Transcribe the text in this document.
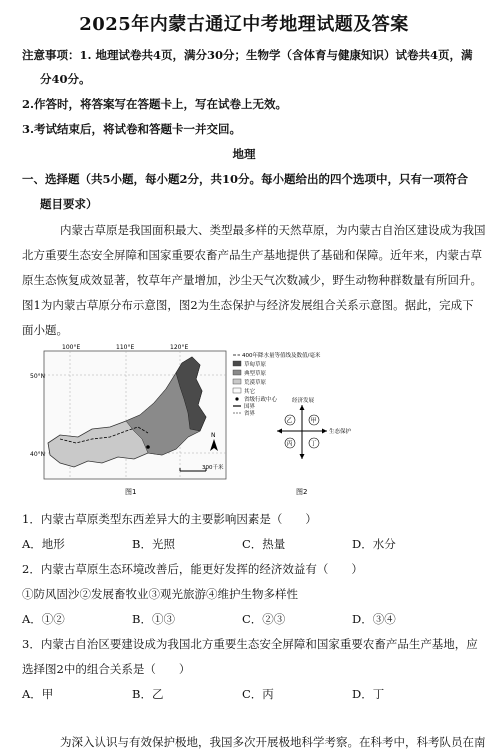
2025年内蒙古通辽中考地理试题及答案
注意事项：1. 地理试卷共4页，满分30分；生物学（含体育与健康知识）试卷共4页，满
分40分。
2.作答时，将答案写在答题卡上，写在试卷上无效。
3.考试结束后，将试卷和答题卡一并交回。
地理
一、选择题（共5小题，每小题2分，共10分。每小题给出的四个选项中，只有一项符合
题目要求）
内蒙古草原是我国面积最大、类型最多样的天然草原，为内蒙古自治区建设成为我国
北方重要生态安全屏障和国家重要农畜产品生产基地提供了基础和保障。近年来，内蒙古草
原生态恢复成效显著，牧草年产量增加，沙尘天气次数减少，野生动物种群数量有所回升。
图1为内蒙古草原分布示意图，图2为生态保护与经济发展组合关系示意图。据此，完成下
面小题。
100°E	110°E	120°E
50°N
40°N
N
300千米
图1
400年降水量等值线及数值/毫米
草甸草原
典型草原
荒漠草原
其它
省级行政中心
国界
省界
经济发展
生态保护
乙	甲
丙	丁
图2
1．内蒙古草原类型东西差异大的主要影响因素是（　　）
A．地形	B．光照	C．热量	D．水分
2．内蒙古草原生态环境改善后，能更好发挥的经济效益有（　　）
①防风固沙②发展畜牧业③观光旅游④维护生物多样性
A．①②	B．①③	C．②③	D．③④
3．内蒙古自治区要建设成为我国北方重要生态安全屏障和国家重要农畜产品生产基地，应
选择图2中的组合关系是（　　）
A．甲	B．乙	C．丙	D．丁
为深入认识与有效保护极地，我国多次开展极地科学考察。在科考中，科考队员在南
